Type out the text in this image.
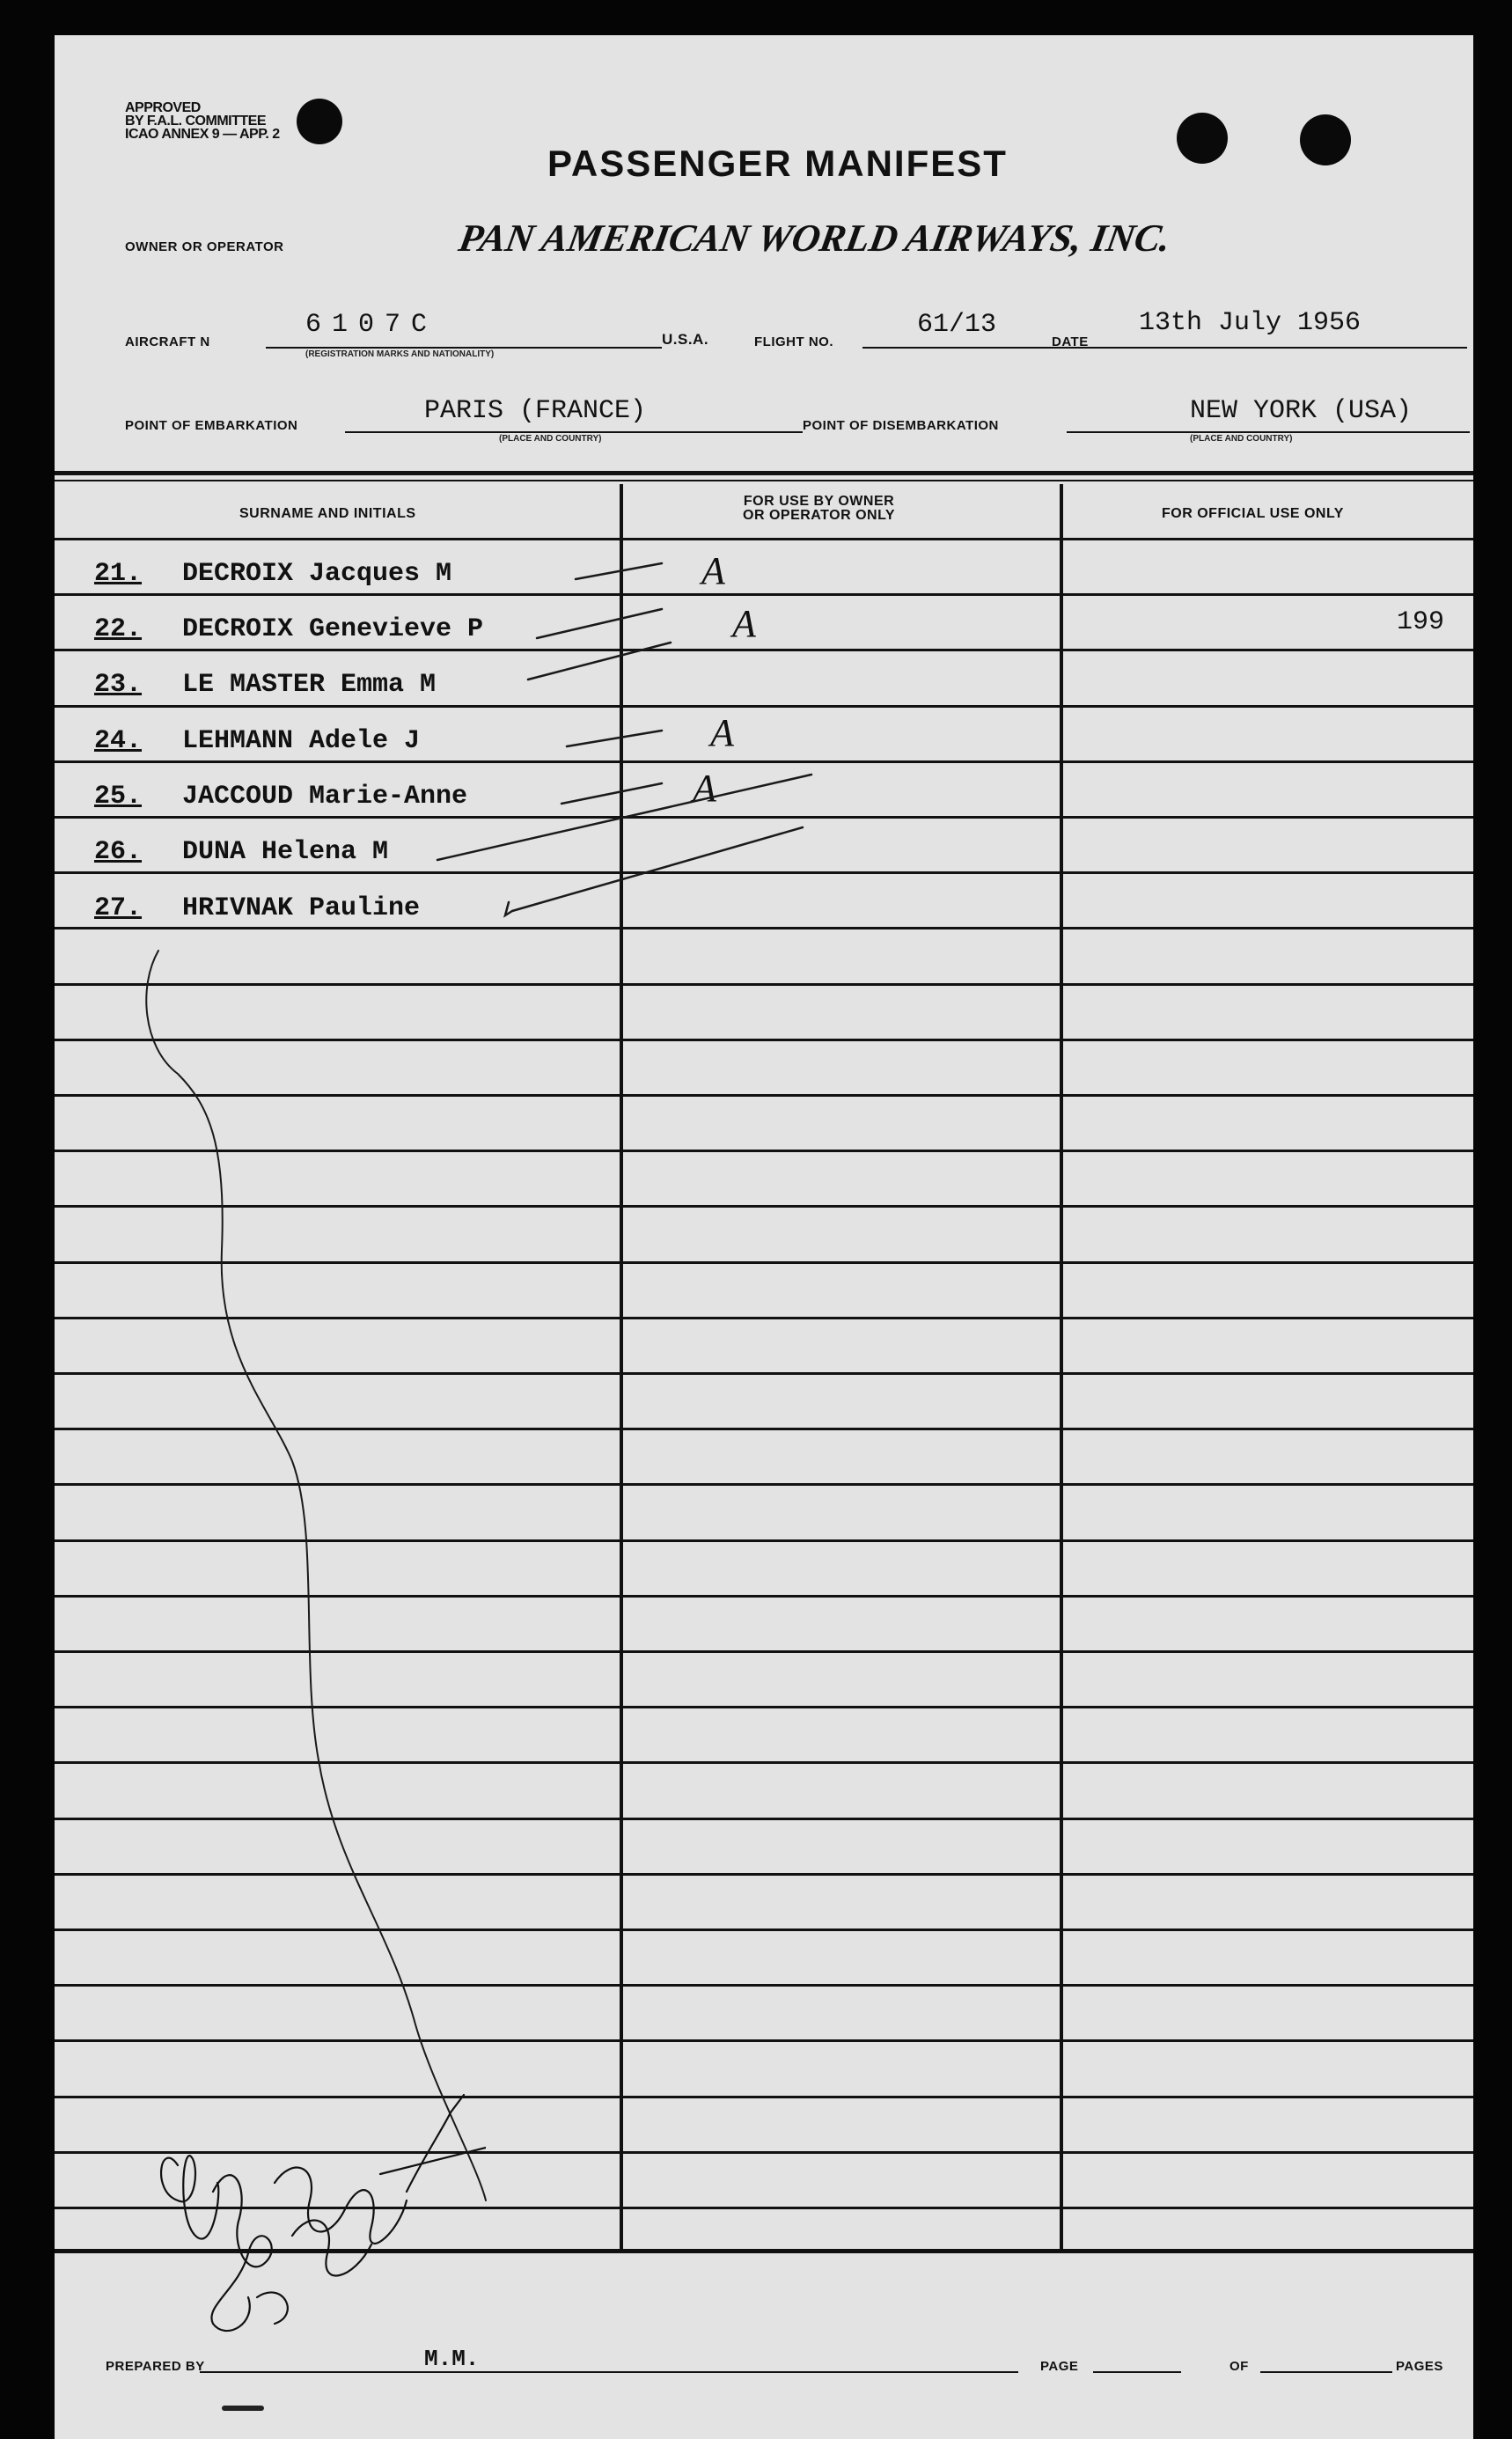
APPROVED
BY F.A.L. COMMITTEE
ICAO ANNEX 9 — APP. 2
PASSENGER MANIFEST
OWNER OR OPERATOR	PAN AMERICAN WORLD AIRWAYS, INC.
AIRCRAFT N
6107C
(REGISTRATION MARKS AND NATIONALITY)
U.S.A.	FLIGHT NO.
61/13
DATE
13th July 1956
POINT OF EMBARKATION	PARIS (FRANCE)
(PLACE AND COUNTRY)
POINT OF DISEMBARKATION	NEW YORK (USA)
(PLACE AND COUNTRY)
SURNAME AND INITIALS
FOR USE BY OWNER
OR OPERATOR ONLY	FOR OFFICIAL USE ONLY
21. DECROIX Jacques M	A
22. DECROIX Genevieve P	A	199
23. LE MASTER Emma M
24. LEHMANN Adele J	A
25. JACCOUD Marie-Anne	A
26. DUNA Helena M
27. HRIVNAK Pauline
PREPARED BY	M.M.	PAGE	OF	PAGES
